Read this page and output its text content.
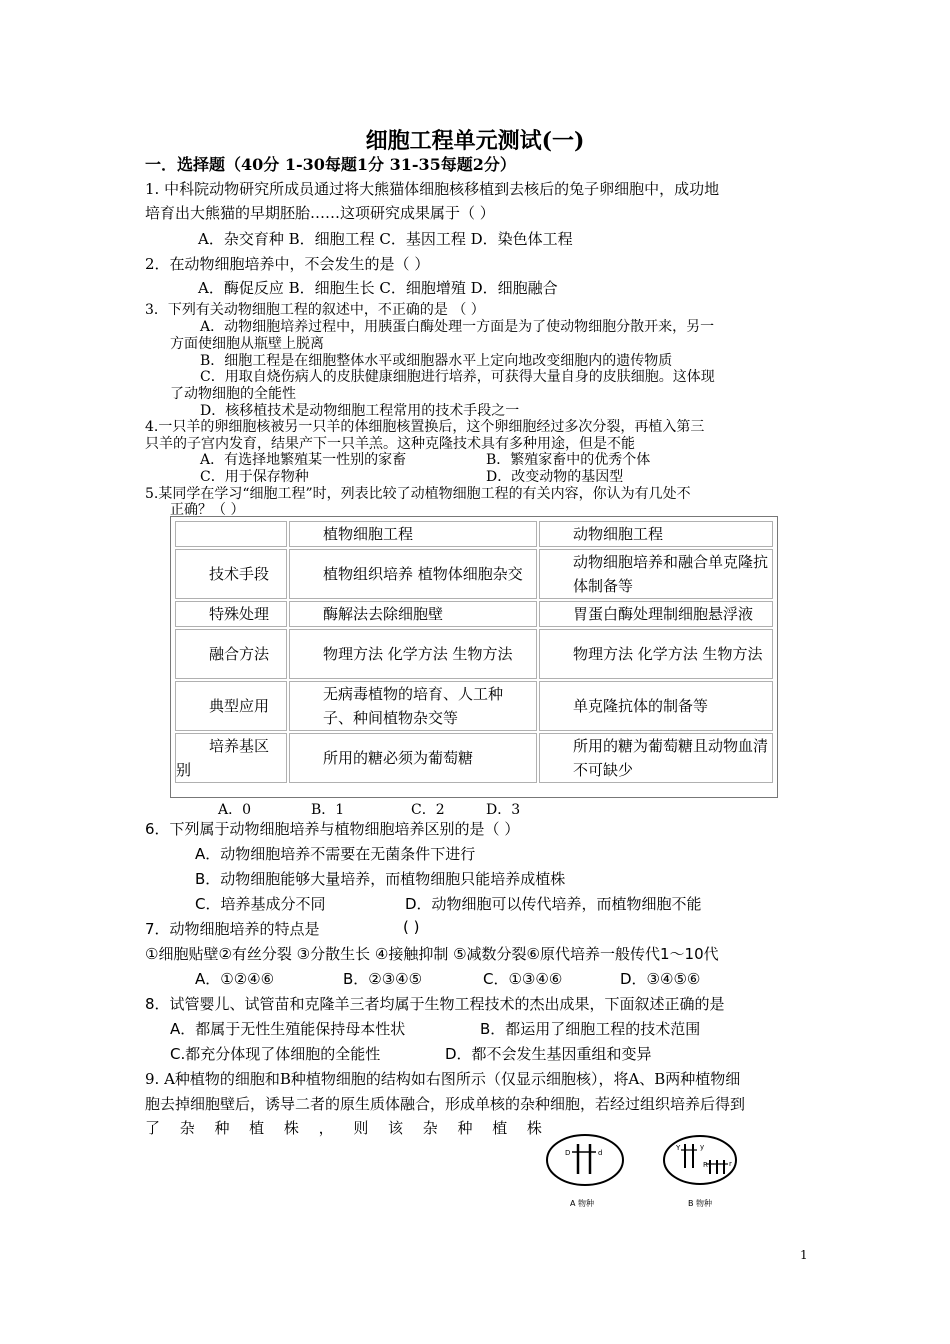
细胞工程单元测试(一)
一．选择题（40分 1-30每题1分 31-35每题2分）
1. 中科院动物研究所成员通过将大熊猫体细胞核移植到去核后的兔子卵细胞中，成功地
培育出大熊猫的早期胚胎……这项研究成果属于（ ）
A．杂交育种 B．细胞工程 C．基因工程 D．染色体工程
2．在动物细胞培养中，不会发生的是（ ）
A．酶促反应 B．细胞生长 C．细胞增殖 D．细胞融合
3．下列有关动物细胞工程的叙述中，不正确的是 （ ）
A．动物细胞培养过程中，用胰蛋白酶处理一方面是为了使动物细胞分散开来，另一
方面使细胞从瓶壁上脱离
B．细胞工程是在细胞整体水平或细胞器水平上定向地改变细胞内的遗传物质
C．用取自烧伤病人的皮肤健康细胞进行培养，可获得大量自身的皮肤细胞。这体现
了动物细胞的全能性
D．核移植技术是动物细胞工程常用的技术手段之一
4.一只羊的卵细胞核被另一只羊的体细胞核置换后，这个卵细胞经过多次分裂，再植入第三
只羊的子宫内发育，结果产下一只羊羔。这种克隆技术具有多种用途，但是不能
A．有选择地繁殖某一性别的家畜	B．繁殖家畜中的优秀个体
C．用于保存物种	D．改变动物的基因型
5.某同学在学习“细胞工程”时，列表比较了动植物细胞工程的有关内容，你认为有几处不
正确？（ ）

	植物细胞工程	动物细胞工程

技术手段	植物组织培养 植物体细胞杂交	动物细胞培养和融合单克隆抗体制备等

特殊处理	酶解法去除细胞壁	胃蛋白酶处理制细胞悬浮液

融合方法	物理方法 化学方法 生物方法	物理方法 化学方法 生物方法

典型应用	无病毒植物的培育、人工种子、种间植物杂交等	单克隆抗体的制备等

培养基区别	所用的糖必须为葡萄糖	所用的糖为葡萄糖且动物血清不可缺少
A．0	B．1	C．2	D．3
6．下列属于动物细胞培养与植物细胞培养区别的是（ ）
A．动物细胞培养不需要在无菌条件下进行
B．动物细胞能够大量培养，而植物细胞只能培养成植株
C．培养基成分不同	D．动物细胞可以传代培养，而植物细胞不能
7．动物细胞培养的特点是	( )
①细胞贴壁②有丝分裂 ③分散生长 ④接触抑制 ⑤减数分裂⑥原代培养一般传代1～10代
A．①②④⑥	B．②③④⑤	C．①③④⑥	D．③④⑤⑥
8．试管婴儿、试管苗和克隆羊三者均属于生物工程技术的杰出成果，下面叙述正确的是
A．都属于无性生殖能保持母本性状	B．都运用了细胞工程的技术范围
C.都充分体现了体细胞的全能性	D．都不会发生基因重组和变异
9. A种植物的细胞和B种植物细胞的结构如右图所示（仅显示细胞核），将A、B两种植物细
胞去掉细胞壁后，诱导二者的原生质体融合，形成单核的杂种细胞，若经过组织培养后得到
了 杂 种 植 株 ， 则 该 杂 种 植 株
D	d
A 物种
Y	y
R	r
B 物种
1
